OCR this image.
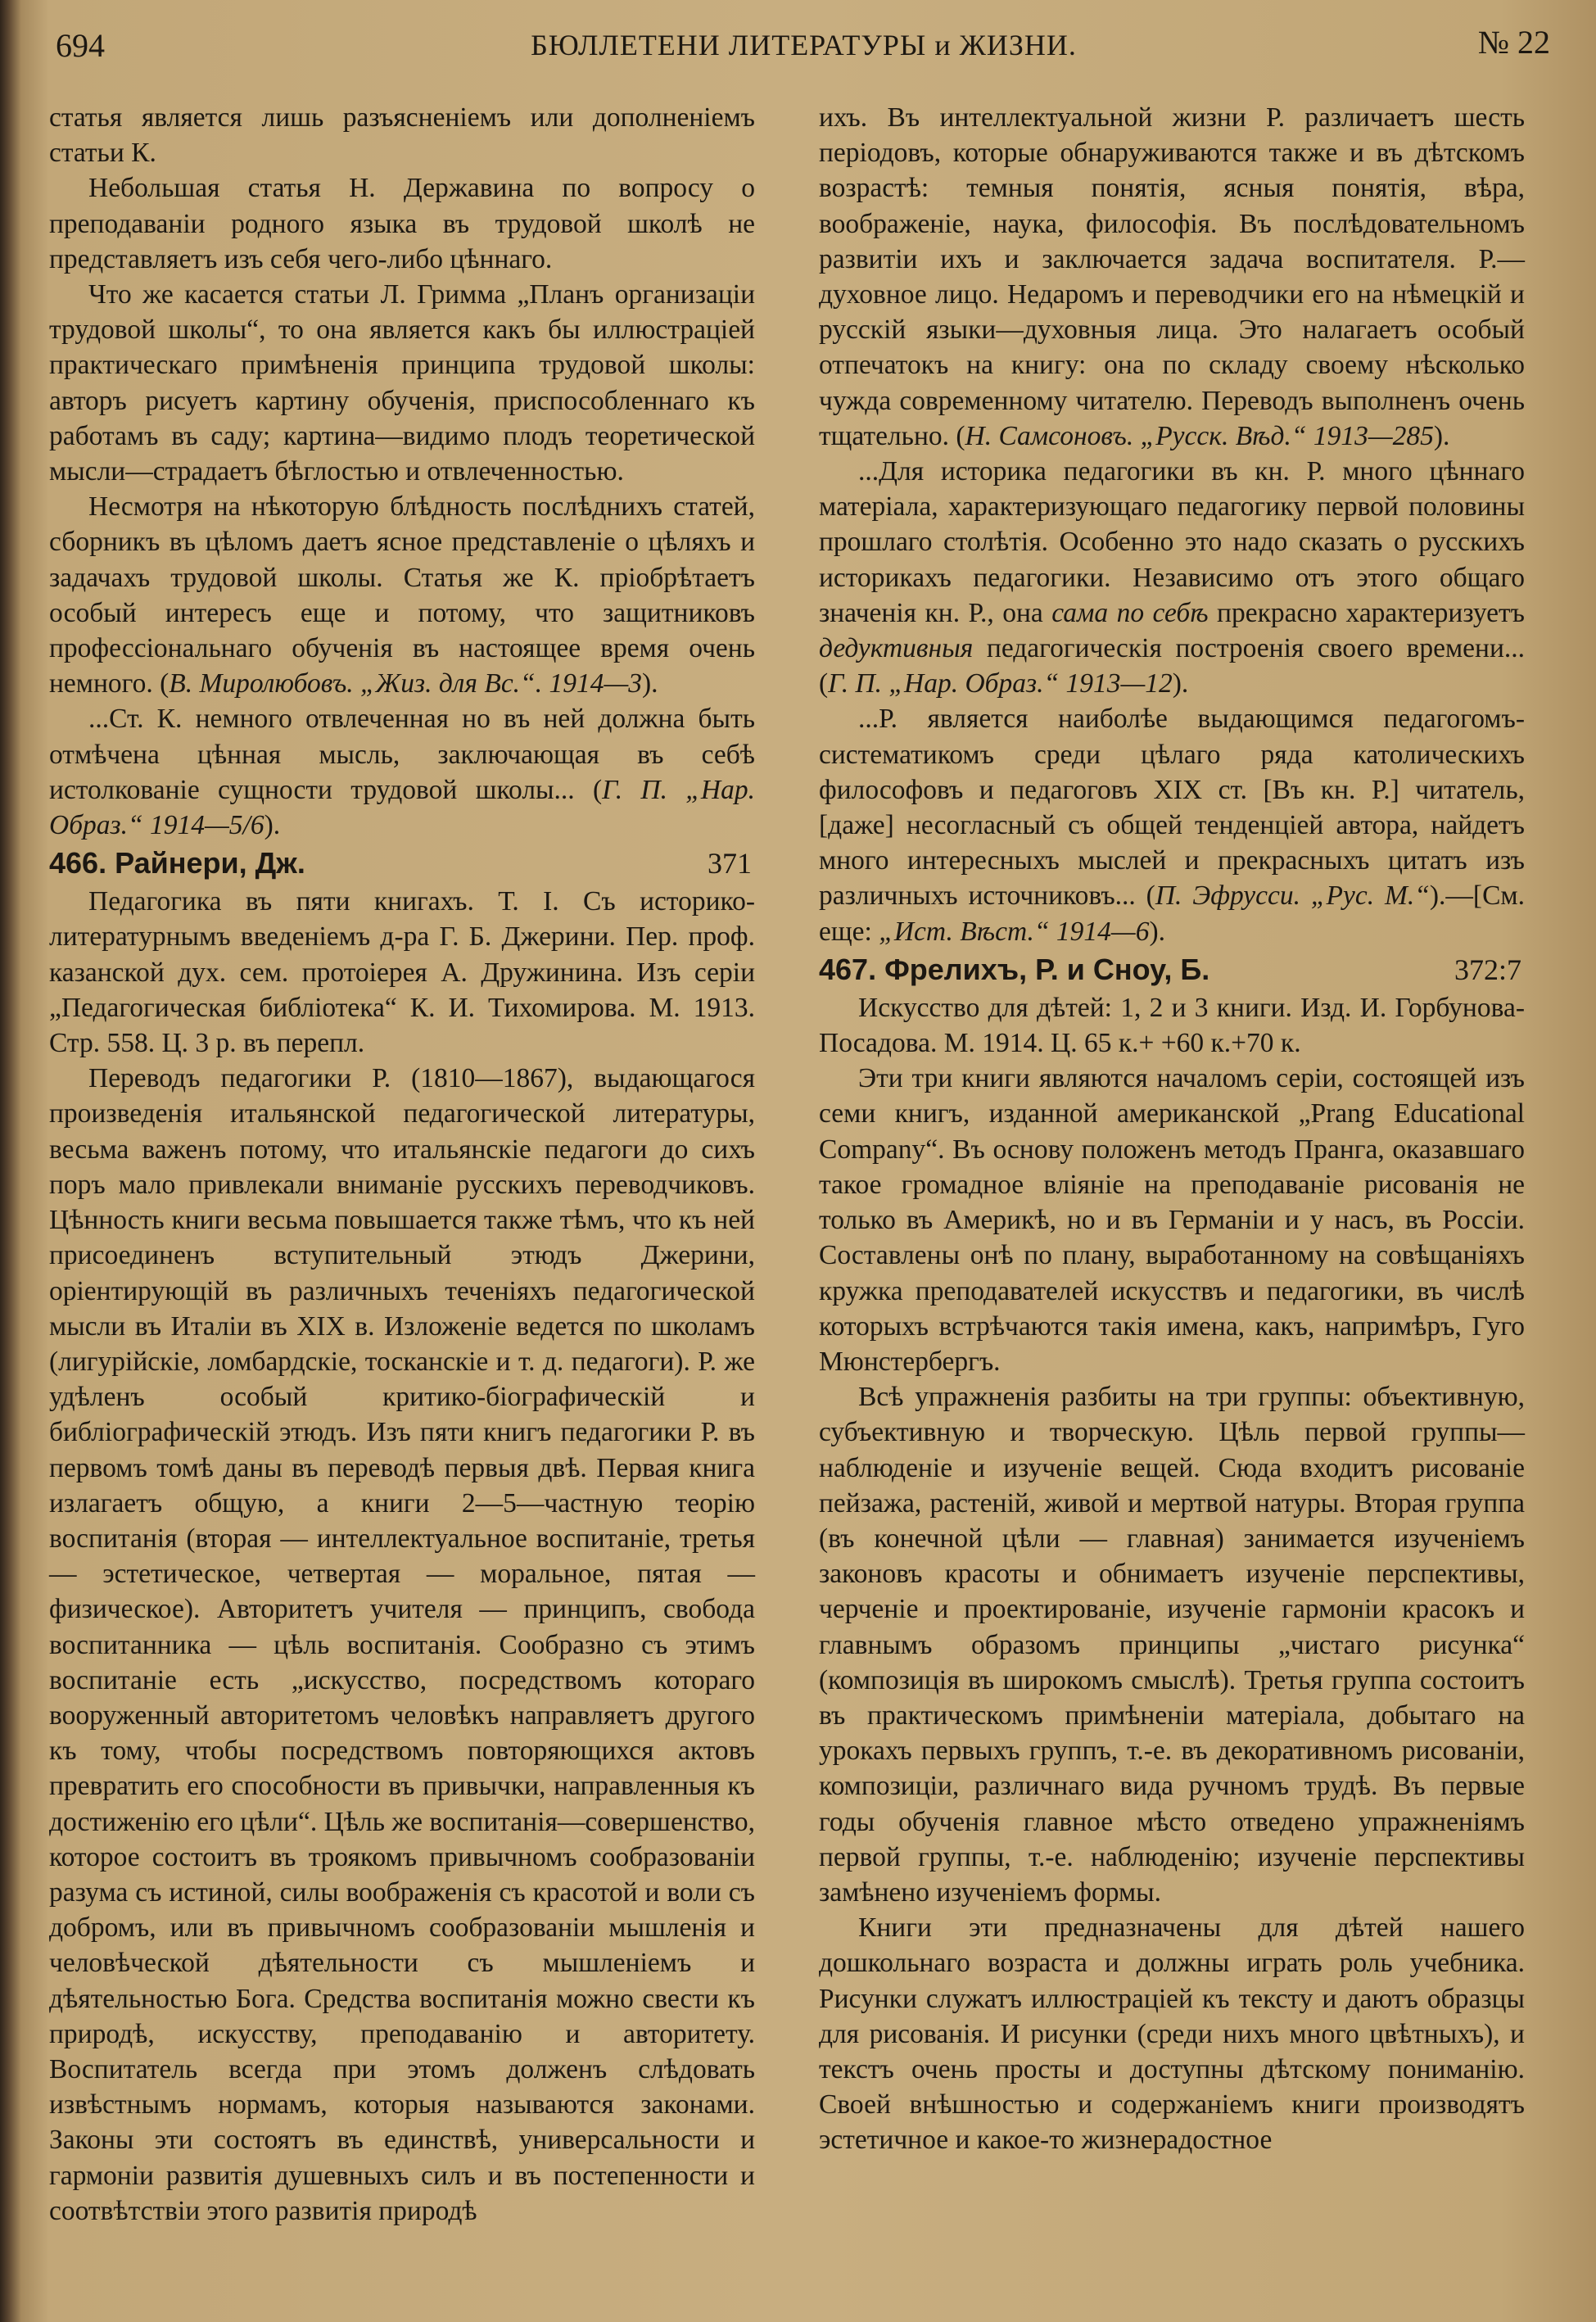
694	БЮЛЛЕТЕНИ ЛИТЕРАТУРЫ и ЖИЗНИ.	№ 22

статья является лишь разъясненіемъ или дополненіемъ статьи К.

Небольшая статья Н. Державина по вопросу о преподаваніи родного языка въ трудовой школѣ не представляетъ изъ себя чего-либо цѣннаго.

Что же касается статьи Л. Гримма „Планъ организаціи трудовой школы“, то она является какъ бы иллюстраціей практическаго примѣненія принципа трудовой школы: авторъ рисуетъ картину обученія, приспособленнаго къ работамъ въ саду; картина—видимо плодъ теоретической мысли—страдаетъ бѣглостью и отвлеченностью.

Несмотря на нѣкоторую блѣдность послѣднихъ статей, сборникъ въ цѣломъ даетъ ясное представленіе о цѣляхъ и задачахъ трудовой школы. Статья же К. пріобрѣтаетъ особый интересъ еще и потому, что защитниковъ профессіональнаго обученія въ настоящее время очень немного. (В. Миролюбовъ. „Жиз. для Вс.“. 1914—3).

...Ст. К. немного отвлеченная но въ ней должна быть отмѣчена цѣнная мысль, заключающая въ себѣ истолкованіе сущности трудовой школы... (Г. П. „Нар. Образ.“ 1914—5/6).

466. Райнери, Дж.	371

Педагогика въ пяти книгахъ. Т. I. Съ историко-литературнымъ введеніемъ д-ра Г. Б. Джерини. Пер. проф. казанской дух. сем. протоіерея А. Дружинина. Изъ серіи „Педагогическая библіотека“ К. И. Тихомирова. М. 1913. Стр. 558. Ц. 3 р. въ перепл.

Переводъ педагогики Р. (1810—1867), выдающагося произведенія итальянской педагогической литературы, весьма важенъ потому, что итальянскіе педагоги до сихъ поръ мало привлекали вниманіе русскихъ переводчиковъ. Цѣнность книги весьма повышается также тѣмъ, что къ ней присоединенъ вступительный этюдъ Джерини, оріентирующій въ различныхъ теченіяхъ педагогической мысли въ Италіи въ XIX в. Изложеніе ведется по школамъ (лигурійскіе, ломбардскіе, тосканскіе и т. д. педагоги). Р. же удѣленъ особый критико-біографическій и библіографическій этюдъ. Изъ пяти книгъ педагогики Р. въ первомъ томѣ даны въ переводѣ первыя двѣ. Первая книга излагаетъ общую, а книги 2—5—частную теорію воспитанія (вторая — интеллектуальное воспитаніе, третья — эстетическое, четвертая — моральное, пятая — физическое). Авторитетъ учителя — принципъ, свобода воспитанника — цѣль воспитанія. Сообразно съ этимъ воспитаніе есть „искусство, посредствомъ котораго вооруженный авторитетомъ человѣкъ направляетъ другого къ тому, чтобы посредствомъ повторяющихся актовъ превратить его способности въ привычки, направленныя къ достиженію его цѣли“. Цѣль же воспитанія—совершенство, которое состоитъ въ троякомъ привычномъ сообразованіи разума съ истиной, силы воображенія съ красотой и воли съ добромъ, или въ привычномъ сообразованіи мышленія и человѣческой дѣятельности съ мышленіемъ и дѣятельностью Бога. Средства воспитанія можно свести къ природѣ, искусству, преподаванію и авторитету. Воспитатель всегда при этомъ долженъ слѣдовать извѣстнымъ нормамъ, которыя называются законами. Законы эти состоятъ въ единствѣ, универсальности и гармоніи развитія душевныхъ силъ и въ постепенности и соотвѣтствіи этого развитія природѣ

ихъ. Въ интеллектуальной жизни Р. различаетъ шесть періодовъ, которые обнаруживаются также и въ дѣтскомъ возрастѣ: темныя понятія, ясныя понятія, вѣра, воображеніе, наука, философія. Въ послѣдовательномъ развитіи ихъ и заключается задача воспитателя. Р.—духовное лицо. Недаромъ и переводчики его на нѣмецкій и русскій языки—духовныя лица. Это налагаетъ особый отпечатокъ на книгу: она по складу своему нѣсколько чужда современному читателю. Переводъ выполненъ очень тщательно. (Н. Самсоновъ. „Русск. Вѣд.“ 1913—285).

...Для историка педагогики въ кн. Р. много цѣннаго матеріала, характеризующаго педагогику первой половины прошлаго столѣтія. Особенно это надо сказать о русскихъ историкахъ педагогики. Независимо отъ этого общаго значенія кн. Р., она сама по себѣ прекрасно характеризуетъ дедуктивныя педагогическія построенія своего времени... (Г. П. „Нар. Образ.“ 1913—12).

...Р. является наиболѣе выдающимся педагогомъ-систематикомъ среди цѣлаго ряда католическихъ философовъ и педагоговъ XIX ст. [Въ кн. Р.] читатель, [даже] несогласный съ общей тенденціей автора, найдетъ много интересныхъ мыслей и прекрасныхъ цитатъ изъ различныхъ источниковъ... (П. Эфрусси. „Рус. М.“).—[См. еще: „Ист. Вѣст.“ 1914—6).

467. Фрелихъ, Р. и Сноу, Б.	372:7

Искусство для дѣтей: 1, 2 и 3 книги. Изд. И. Горбунова-Посадова. М. 1914. Ц. 65 к.+ +60 к.+70 к.

Эти три книги являются началомъ серіи, состоящей изъ семи книгъ, изданной американской „Prang Educational Company“. Въ основу положенъ методъ Пранга, оказавшаго такое громадное вліяніе на преподаваніе рисованія не только въ Америкѣ, но и въ Германіи и у насъ, въ Россіи. Составлены онѣ по плану, выработанному на совѣщаніяхъ кружка преподавателей искусствъ и педагогики, въ числѣ которыхъ встрѣчаются такія имена, какъ, напримѣръ, Гуго Мюнстербергъ.

Всѣ упражненія разбиты на три группы: объективную, субъективную и творческую. Цѣль первой группы—наблюденіе и изученіе вещей. Сюда входитъ рисованіе пейзажа, растеній, живой и мертвой натуры. Вторая группа (въ конечной цѣли — главная) занимается изученіемъ законовъ красоты и обнимаетъ изученіе перспективы, черченіе и проектированіе, изученіе гармоніи красокъ и главнымъ образомъ принципы „чистаго рисунка“ (композиція въ широкомъ смыслѣ). Третья группа состоитъ въ практическомъ примѣненіи матеріала, добытаго на урокахъ первыхъ группъ, т.-е. въ декоративномъ рисованіи, композиціи, различнаго вида ручномъ трудѣ. Въ первые годы обученія главное мѣсто отведено упражненіямъ первой группы, т.-е. наблюденію; изученіе перспективы замѣнено изученіемъ формы.

Книги эти предназначены для дѣтей нашего дошкольнаго возраста и должны играть роль учебника. Рисунки служатъ иллюстраціей къ тексту и даютъ образцы для рисованія. И рисунки (среди нихъ много цвѣтныхъ), и текстъ очень просты и доступны дѣтскому пониманію. Своей внѣшностью и содержаніемъ книги производятъ эстетичное и какое-то жизнерадостное
